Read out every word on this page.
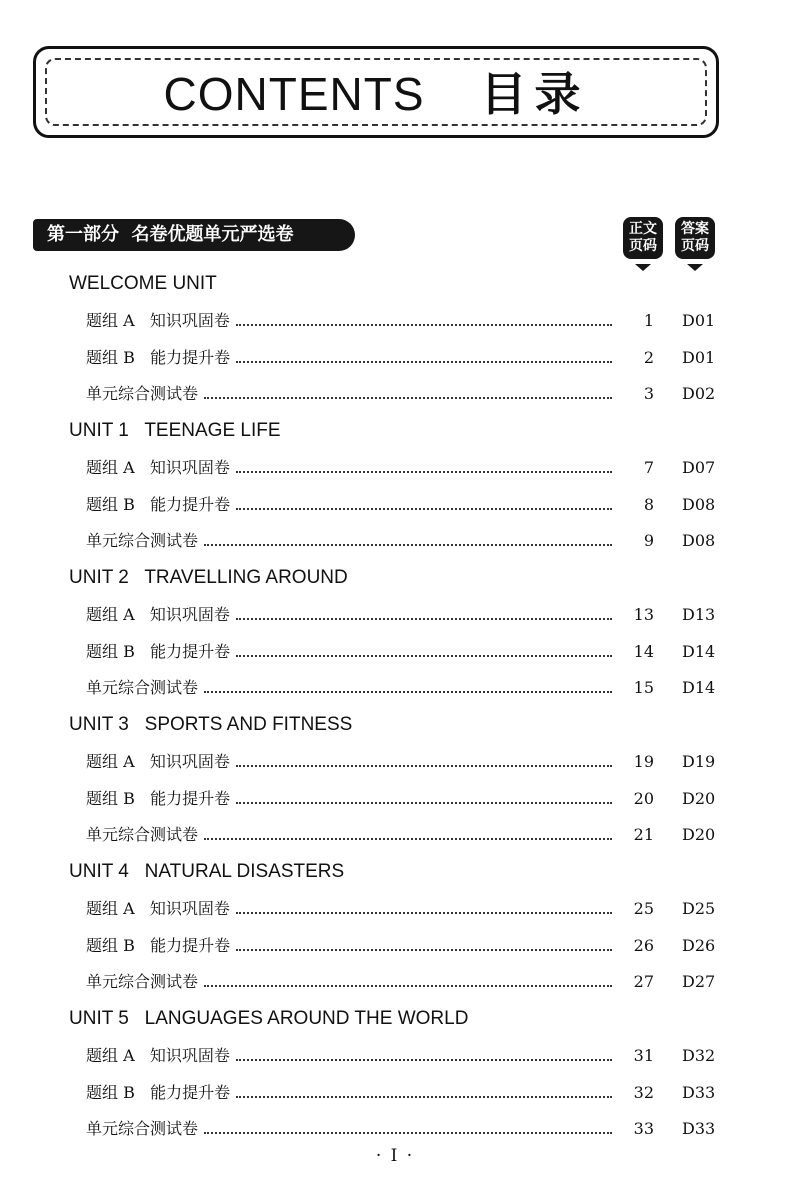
CONTENTS 目录
第一部分  名卷优题单元严选卷	正文
页码
答案
页码
WELCOME UNIT
题组 A   知识巩固卷	1 D01
题组 B   能力提升卷	2 D01
单元综合测试卷	3 D02
UNIT 1   TEENAGE LIFE
题组 A   知识巩固卷	7 D07
题组 B   能力提升卷	8 D08
单元综合测试卷	9 D08
UNIT 2   TRAVELLING AROUND
题组 A   知识巩固卷	13 D13
题组 B   能力提升卷	14 D14
单元综合测试卷	15 D14
UNIT 3   SPORTS AND FITNESS
题组 A   知识巩固卷	19 D19
题组 B   能力提升卷	20 D20
单元综合测试卷	21 D20
UNIT 4   NATURAL DISASTERS
题组 A   知识巩固卷	25 D25
题组 B   能力提升卷	26 D26
单元综合测试卷	27 D27
UNIT 5   LANGUAGES AROUND THE WORLD
题组 A   知识巩固卷	31 D32
题组 B   能力提升卷	32 D33
单元综合测试卷	33 D33
· I ·
